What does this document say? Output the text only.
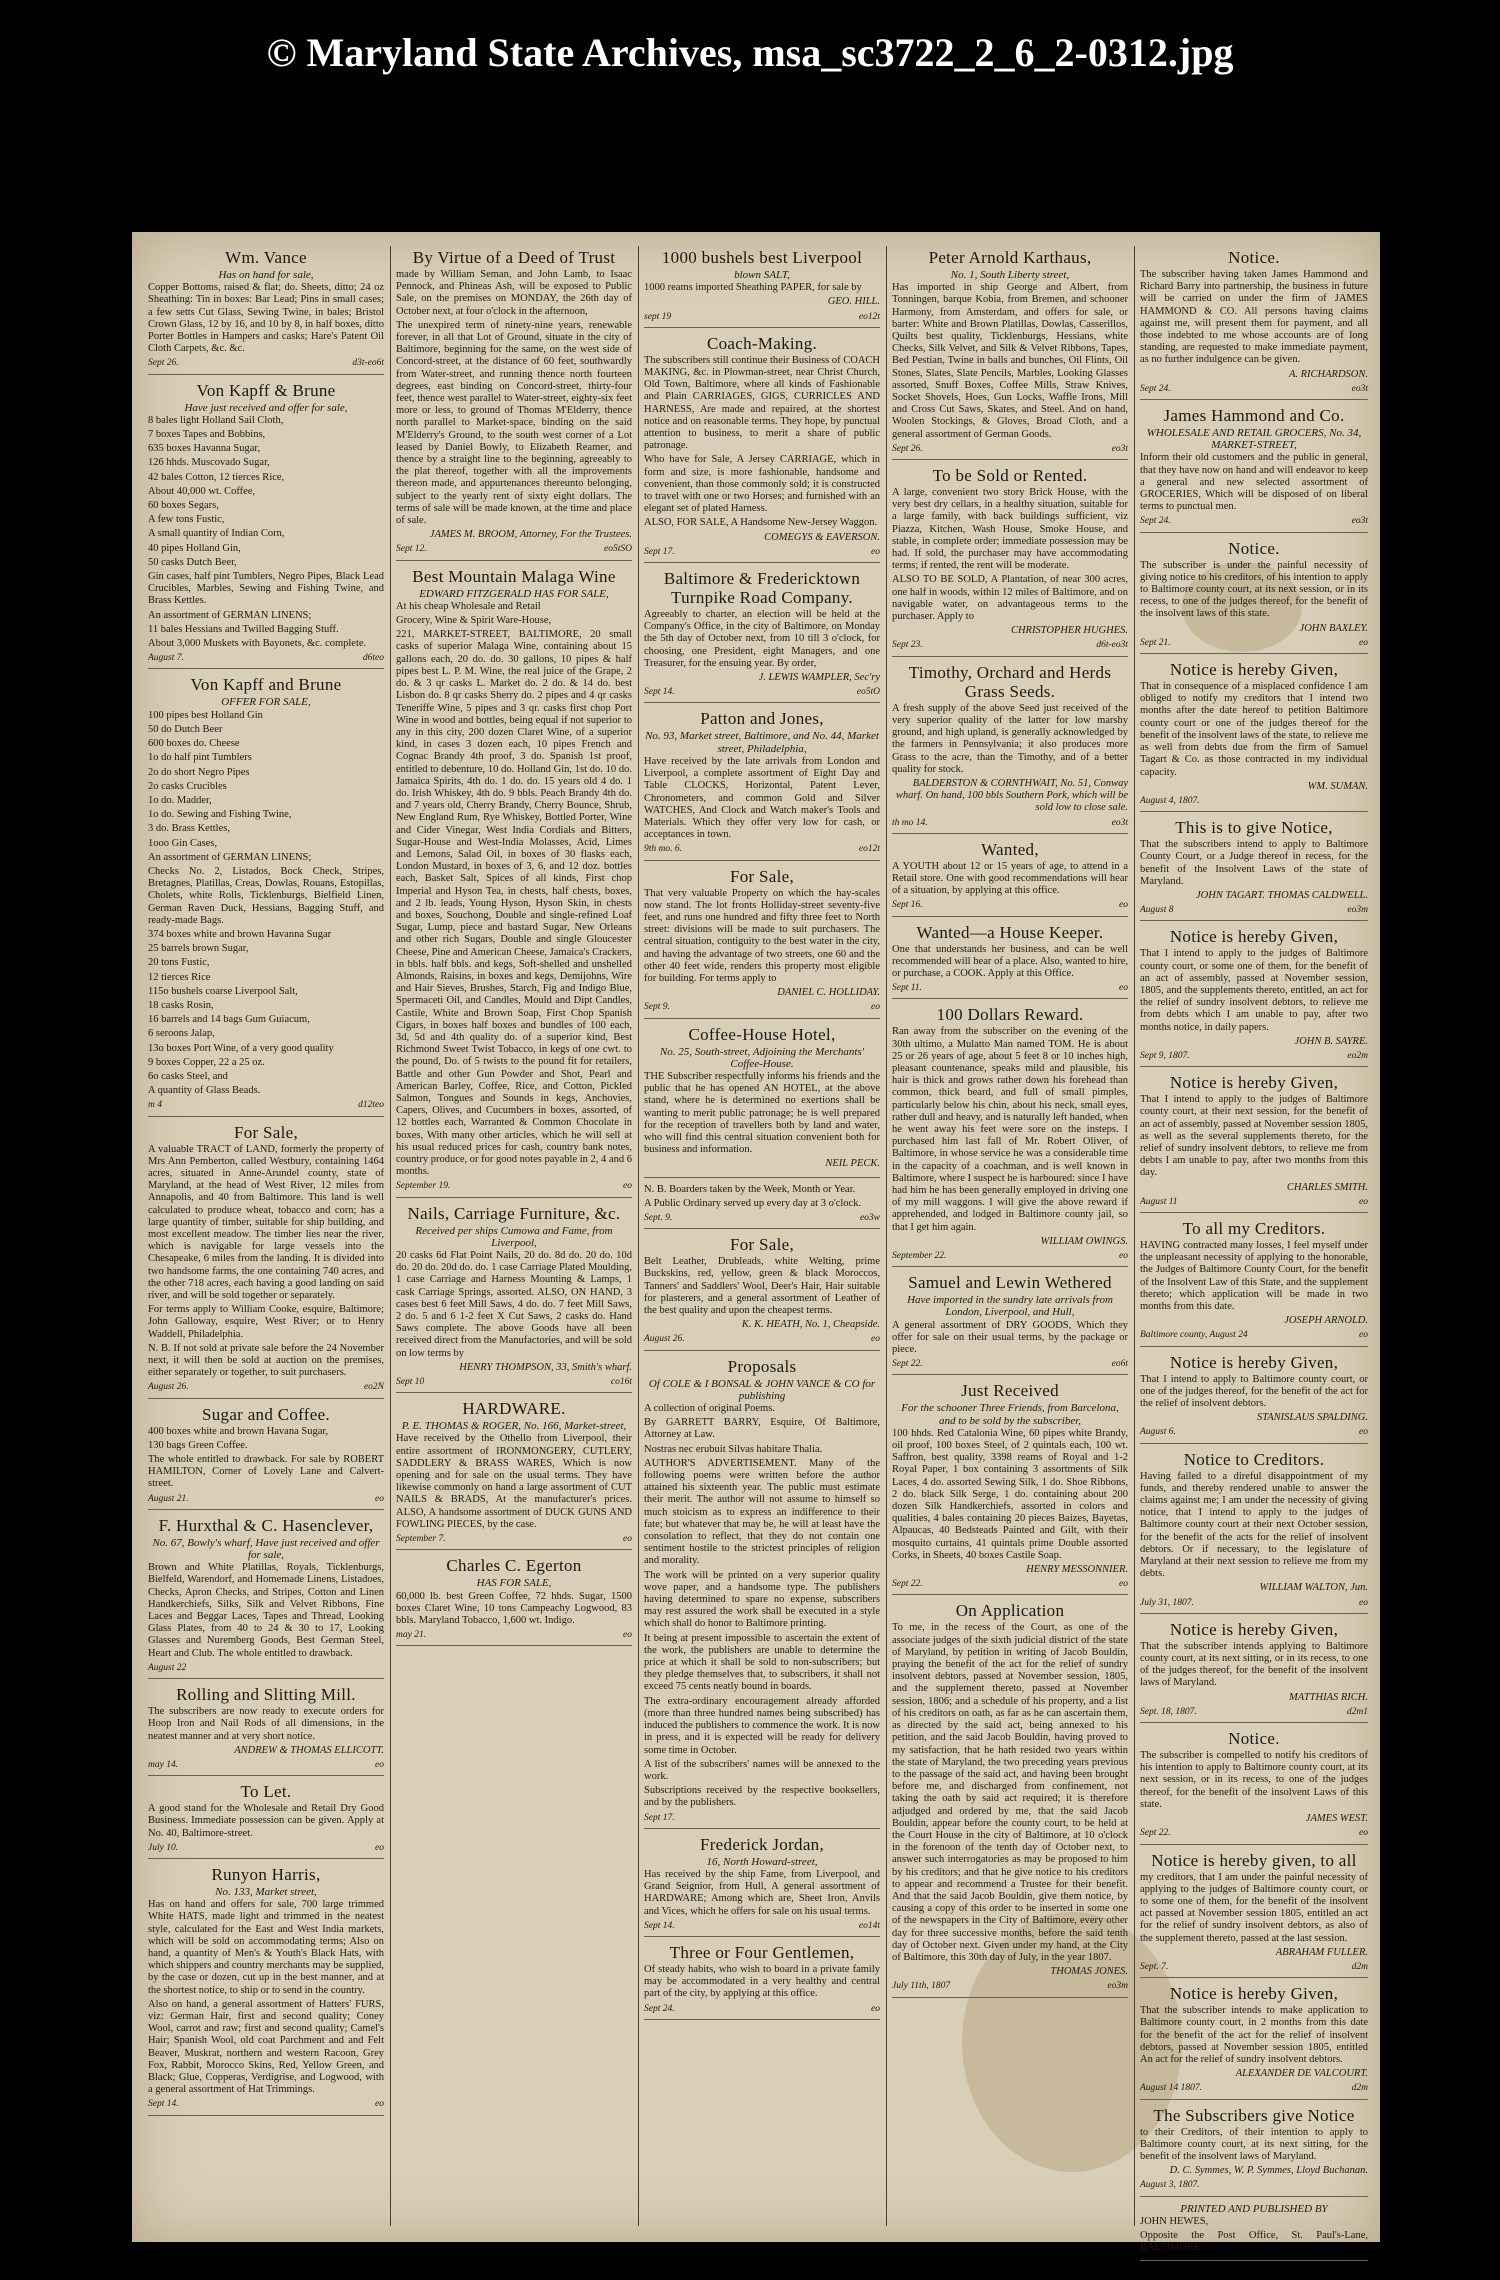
© Maryland State Archives, msa_sc3722_2_6_2-0312.jpg
Wm. Vance
Has on hand for sale,

Copper Bottoms, raised & flat; do. Sheets, ditto; 24 oz Sheathing: Tin in boxes: Bar Lead; Pins in small cases; a few setts Cut Glass, Sewing Twine, in bales; Bristol Crown Glass, 12 by 16, and 10 by 8, in half boxes, ditto Porter Bottles in Hampers and casks; Hare's Patent Oil Cloth Carpets, &c. &c.

Sept 26.	d3t-eo6t
Von Kapff & Brune
Have just received and offer for sale,

8 bales light Holland Sail Cloth,

7 boxes Tapes and Bobbins,

635 boxes Havanna Sugar,

126 hhds. Muscovado Sugar,

42 bales Cotton, 12 tierces Rice,

About 40,000 wt. Coffee,

60 boxes Segars,

A few tons Fustic,

A small quantity of Indian Corn,

40 pipes Holland Gin,

50 casks Dutch Beer,

Gin cases, half pint Tumblers, Negro Pipes, Black Lead Crucibles, Marbles, Sewing and Fishing Twine, and Brass Kettles.

An assortment of GERMAN LINENS;

11 bales Hessians and Twilled Bagging Stuff.

About 3,000 Muskets with Bayonets, &c. complete.

August 7.	d6teo
Von Kapff and Brune
OFFER FOR SALE,

100 pipes best Holland Gin

50 do Dutch Beer

600 boxes do. Cheese

1o do half pint Tumblers

2o do short Negro Pipes

2o casks Crucibles

1o do. Madder,

1o do. Sewing and Fishing Twine,

3 do. Brass Kettles,

1ooo Gin Cases,

An assortment of GERMAN LINENS;

Checks No. 2, Listados, Bock Check, Stripes, Bretagnes, Platillas, Creas, Dowlas, Rouans, Estopillas, Cholets, white Rolls, Ticklenburgs, Bielfield Linen, German Raven Duck, Hessians, Bagging Stuff, and ready-made Bags.

374 boxes white and brown Havanna Sugar

25 barrels brown Sugar,

20 tons Fustic,

12 tierces Rice

115o bushels coarse Liverpool Salt,

18 casks Rosin,

16 barrels and 14 bags Gum Guiacum,

6 seroons Jalap,

13o boxes Port Wine, of a very good quality

9 boxes Copper, 22 a 25 oz.

6o casks Steel, and

A quantity of Glass Beads.

m 4	d12teo
For Sale,

A valuable TRACT of LAND, formerly the property of Mrs Ann Pemberton, called Westbury, containing 1464 acres, situated in Anne-Arundel county, state of Maryland, at the head of West River, 12 miles from Annapolis, and 40 from Baltimore. This land is well calculated to produce wheat, tobacco and corn; has a large quantity of timber, suitable for ship building, and most excellent meadow. The timber lies near the river, which is navigable for large vessels into the Chesapeake, 6 miles from the landing. It is divided into two handsome farms, the one containing 740 acres, and the other 718 acres, each having a good landing on said river, and will be sold together or separately.

For terms apply to William Cooke, esquire, Baltimore; John Galloway, esquire, West River; or to Henry Waddell, Philadelphia.

N. B. If not sold at private sale before the 24 November next, it will then be sold at auction on the premises, either separately or together, to suit purchasers.

August 26.	eo2N
Sugar and Coffee.

400 boxes white and brown Havana Sugar,

130 bags Green Coffee.

The whole entitled to drawback. For sale by ROBERT HAMILTON, Corner of Lovely Lane and Calvert-street.

August 21.	eo
F. Hurxthal & C. Hasenclever,
No. 67, Bowly's wharf, Have just received and offer for sale,

Brown and White Platillas, Royals, Ticklenburgs, Bielfeld, Warendorf, and Homemade Linens, Listadoes, Checks, Apron Checks, and Stripes, Cotton and Linen Handkerchiefs, Silks, Silk and Velvet Ribbons, Fine Laces and Beggar Laces, Tapes and Thread, Looking Glass Plates, from 40 to 24 & 30 to 17, Looking Glasses and Nuremberg Goods, Best German Steel, Heart and Club. The whole entitled to drawback.

August 22
Rolling and Slitting Mill.

The subscribers are now ready to execute orders for Hoop Iron and Nail Rods of all dimensions, in the neatest manner and at very short notice.

ANDREW & THOMAS ELLICOTT.

may 14.	eo
To Let.

A good stand for the Wholesale and Retail Dry Good Business. Immediate possession can be given. Apply at No. 40, Baltimore-street.

July 10.	eo
Runyon Harris,
No. 133, Market street,

Has on hand and offers for sale, 700 large trimmed White HATS, made light and trimmed in the neatest style, calculated for the East and West India markets, which will be sold on accommodating terms; Also on hand, a quantity of Men's & Youth's Black Hats, with which shippers and country merchants may be supplied, by the case or dozen, cut up in the best manner, and at the shortest notice, to ship or to send in the country.

Also on hand, a general assortment of Hatters' FURS, viz: German Hair, first and second quality; Coney Wool, carrot and raw; first and second quality; Camel's Hair; Spanish Wool, old coat Parchment and and Felt Beaver, Muskrat, northern and western Racoon, Grey Fox, Rabbit, Morocco Skins, Red, Yellow Green, and Black; Glue, Copperas, Verdigrise, and Logwood, with a general assortment of Hat Trimmings.

Sept 14.	eo
By Virtue of a Deed of Trust

made by William Seman, and John Lamb, to Isaac Pennock, and Phineas Ash, will be exposed to Public Sale, on the premises on MONDAY, the 26th day of October next, at four o'clock in the afternoon,

The unexpired term of ninety-nine years, renewable forever, in all that Lot of Ground, situate in the city of Baltimore, beginning for the same, on the west side of Concord-street, at the distance of 60 feet, southwardly from Water-street, and running thence north fourteen degrees, east binding on Concord-street, thirty-four feet, thence west parallel to Water-street, eighty-six feet more or less, to ground of Thomas M'Elderry, thence north parallel to Market-space, binding on the said M'Elderry's Ground, to the south west corner of a Lot leased by Daniel Bowly, to Elizabeth Reamer, and thence by a straight line to the beginning, agreeably to the plat thereof, together with all the improvements thereon made, and appurtenances thereunto belonging, subject to the yearly rent of sixty eight dollars. The terms of sale will be made known, at the time and place of sale.

JAMES M. BROOM, Attorney, For the Trustees.

Sept 12.	eo5tSO
Best Mountain Malaga Wine
EDWARD FITZGERALD HAS FOR SALE,

At his cheap Wholesale and Retail

Grocery, Wine & Spirit Ware-House,

221, MARKET-STREET, BALTIMORE, 20 small casks of superior Malaga Wine, containing about 15 gallons each, 20 do. do. 30 gallons, 10 pipes & half pipes best L. P. M. Wine, the real juice of the Grape, 2 do. & 3 qr casks L. Market do. 2 do. & 14 do. best Lisbon do. 8 qr casks Sherry do. 2 pipes and 4 qr casks Teneriffe Wine, 5 pipes and 3 qr. casks first chop Port Wine in wood and bottles, being equal if not superior to any in this city, 200 dozen Claret Wine, of a superior kind, in cases 3 dozen each, 10 pipes French and Cognac Brandy 4th proof, 3 do. Spanish 1st proof, entitled to debenture, 10 do. Holland Gin, 1st do. 10 do. Jamaica Spirits, 4th do. 1 do. do. 15 years old 4 do. 1 do. Irish Whiskey, 4th do. 9 bbls. Peach Brandy 4th do. and 7 years old, Cherry Brandy, Cherry Bounce, Shrub, New England Rum, Rye Whiskey, Bottled Porter, Wine and Cider Vinegar, West India Cordials and Bitters, Sugar-House and West-India Molasses, Acid, Limes and Lemons, Salad Oil, in boxes of 30 flasks each, London Mustard, in boxes of 3, 6, and 12 doz. bottles each, Basket Salt, Spices of all kinds, First chop Imperial and Hyson Tea, in chests, half chests, boxes, and 2 lb. leads, Young Hyson, Hyson Skin, in chests and boxes, Souchong, Double and single-refined Loaf Sugar, Lump, piece and bastard Sugar, New Orleans and other rich Sugars, Double and single Gloucester Cheese, Pine and American Cheese, Jamaica's Crackers, in bbls. half bbls. and kegs, Soft-shelled and unshelled Almonds, Raisins, in boxes and kegs, Demijohns, Wire and Hair Sieves, Brushes, Starch, Fig and Indigo Blue, Spermaceti Oil, and Candles, Mould and Dipt Candles, Castile, White and Brown Soap, First Chop Spanish Cigars, in boxes half boxes and bundles of 100 each, 3d, 5d and 4th quality do. of a superior kind, Best Richmond Sweet Twist Tobacco, in kegs of one cwt. to the pound, Do. of 5 twists to the pound fit for retailers, Battle and other Gun Powder and Shot, Pearl and American Barley, Coffee, Rice, and Cotton, Pickled Salmon, Tongues and Sounds in kegs, Anchovies, Capers, Olives, and Cucumbers in boxes, assorted, of 12 bottles each, Warranted & Common Chocolate in boxes, With many other articles, which he will sell at his usual reduced prices for cash, country bank notes, country produce, or for good notes payable in 2, 4 and 6 months.

September 19.	eo
Nails, Carriage Furniture, &c.
Received per ships Cumowa and Fame, from Liverpool,

20 casks 6d Flat Point Nails, 20 do. 8d do. 20 do. 10d do. 20 do. 20d do. do. 1 case Carriage Plated Moulding, 1 case Carriage and Harness Mounting & Lamps, 1 cask Carriage Springs, assorted. ALSO, ON HAND, 3 cases best 6 feet Mill Saws, 4 do. do. 7 feet Mill Saws, 2 do. 5 and 6 1-2 feet X Cut Saws, 2 casks do. Hand Saws complete. The above Goods have all been received direct from the Manufactories, and will be sold on low terms by

HENRY THOMPSON, 33, Smith's wharf.

Sept 10	co16t
HARDWARE.
P. E. THOMAS & ROGER, No. 166, Market-street,

Have received by the Othello from Liverpool, their entire assortment of IRONMONGERY, CUTLERY, SADDLERY & BRASS WARES, Which is now opening and for sale on the usual terms. They have likewise commonly on hand a large assortment of CUT NAILS & BRADS, At the manufacturer's prices. ALSO, A handsome assortment of DUCK GUNS AND FOWLING PIECES, by the case.

September 7.	eo
Charles C. Egerton
HAS FOR SALE,

60,000 lb. best Green Coffee, 72 hhds. Sugar, 1500 boxes Claret Wine, 10 tons Campeachy Logwood, 83 bbls. Maryland Tobacco, 1,600 wt. Indigo.

may 21.	eo
1000 bushels best Liverpool
blown SALT,

1000 reams imported Sheathing PAPER, for sale by

GEO. HILL.

sept 19	eo12t
Coach-Making.

The subscribers still continue their Business of COACH MAKING, &c. in Plowman-street, near Christ Church, Old Town, Baltimore, where all kinds of Fashionable and Plain CARRIAGES, GIGS, CURRICLES AND HARNESS, Are made and repaired, at the shortest notice and on reasonable terms. They hope, by punctual attention to business, to merit a share of public patronage.

Who have for Sale, A Jersey CARRIAGE, which in form and size, is more fashionable, handsome and convenient, than those commonly sold; it is constructed to travel with one or two Horses; and furnished with an elegant set of plated Harness.

ALSO, FOR SALE, A Handsome New-Jersey Waggon.

COMEGYS & EAVERSON.

Sept 17.	eo
Baltimore & Fredericktown Turnpike Road Company.

Agreeably to charter, an election will be held at the Company's Office, in the city of Baltimore, on Monday the 5th day of October next, from 10 till 3 o'clock, for choosing, one President, eight Managers, and one Treasurer, for the ensuing year. By order,

J. LEWIS WAMPLER, Sec'ry

Sept 14.	eo5tO
Patton and Jones,
No. 93, Market street, Baltimore, and No. 44, Market street, Philadelphia,

Have received by the late arrivals from London and Liverpool, a complete assortment of Eight Day and Table CLOCKS, Horizontal, Patent Lever, Chronometers, and common Gold and Silver WATCHES, And Clock and Watch maker's Tools and Materials. Which they offer very low for cash, or acceptances in town.

9th mo. 6.	eo12t
For Sale,

That very valuable Property on which the hay-scales now stand. The lot fronts Holliday-street seventy-five feet, and runs one hundred and fifty three feet to North street: divisions will be made to suit purchasers. The central situation, contiguity to the best water in the city, and having the advantage of two streets, one 60 and the other 40 feet wide, renders this property most eligible for building. For terms apply to

DANIEL C. HOLLIDAY.

Sept 9.	eo
Coffee-House Hotel,
No. 25, South-street, Adjoining the Merchants' Coffee-House.

THE Subscriber respectfully informs his friends and the public that he has opened AN HOTEL, at the above stand, where he is determined no exertions shall be wanting to merit public patronage; he is well prepared for the reception of travellers both by land and water, who will find this central situation convenient both for business and information.

NEIL PECK.

N. B. Boarders taken by the Week, Month or Year.

A Public Ordinary served up every day at 3 o'clock.

Sept. 9.	eo3w
For Sale,

Belt Leather, Drubleads, white Welting, prime Buckskins, red, yellow, green & black Moroccos, Tanners' and Saddlers' Wool, Deer's Hair, Hair suitable for plasterers, and a general assortment of Leather of the best quality and upon the cheapest terms.

K. K. HEATH, No. 1, Cheapside.

August 26.	eo
Proposals
Of COLE & I BONSAL & JOHN VANCE & CO for publishing

A collection of original Poems.

By GARRETT BARRY, Esquire, Of Baltimore, Attorney at Law.

Nostras nec erubuit Silvas habitare Thalia.

AUTHOR'S ADVERTISEMENT. Many of the following poems were written before the author attained his sixteenth year. The public must estimate their merit. The author will not assume to himself so much stoicism as to express an indifference to their fate; but whatever that may be, he will at least have the consolation to reflect, that they do not contain one sentiment hostile to the strictest principles of religion and morality.

The work will be printed on a very superior quality wove paper, and a handsome type. The publishers having determined to spare no expense, subscribers may rest assured the work shall be executed in a style which shall do honor to Baltimore printing.

It being at present impossible to ascertain the extent of the work, the publishers are unable to determine the price at which it shall be sold to non-subscribers; but they pledge themselves that, to subscribers, it shall not exceed 75 cents neatly bound in boards.

The extra-ordinary encouragement already afforded (more than three hundred names being subscribed) has induced the publishers to commence the work. It is now in press, and it is expected will be ready for delivery some time in October.

A list of the subscribers' names will be annexed to the work.

Subscriptions received by the respective booksellers, and by the publishers.

Sept 17.
Frederick Jordan,
16, North Howard-street,

Has received by the ship Fame, from Liverpool, and Grand Seignior, from Hull, A general assortment of HARDWARE; Among which are, Sheet Iron, Anvils and Vices, which he offers for sale on his usual terms.

Sept 14.	eo14t
Three or Four Gentlemen,

Of steady habits, who wish to board in a private family may be accommodated in a very healthy and central part of the city, by applying at this office.

Sept 24.	eo
Peter Arnold Karthaus,
No. 1, South Liberty street,

Has imported in ship George and Albert, from Tonningen, barque Kobia, from Bremen, and schooner Harmony, from Amsterdam, and offers for sale, or barter: White and Brown Platillas, Dowlas, Casserillos, Quilts best quality, Ticklenburgs, Hessians, white Checks, Silk Velvet, and Silk & Velvet Ribbons, Tapes, Bed Pestian, Twine in balls and bunches, Oil Flints, Oil Stones, Slates, Slate Pencils, Marbles, Looking Glasses assorted, Snuff Boxes, Coffee Mills, Straw Knives, Socket Shovels, Hoes, Gun Locks, Waffle Irons, Mill and Cross Cut Saws, Skates, and Steel. And on hand, Woolen Stockings, & Gloves, Broad Cloth, and a general assortment of German Goods.

Sept 26.	eo3t
To be Sold or Rented.

A large, convenient two story Brick House, with the very best dry cellars, in a healthy situation, suitable for a large family, with back buildings sufficient, viz Piazza, Kitchen, Wash House, Smoke House, and stable, in complete order; immediate possession may be had. If sold, the purchaser may have accommodating terms; if rented, the rent will be moderate.

ALSO TO BE SOLD, A Plantation, of near 300 acres, one half in woods, within 12 miles of Baltimore, and on navigable water, on advantageous terms to the purchaser. Apply to

CHRISTOPHER HUGHES.

Sept 23.	d6t-eo3t
Timothy, Orchard and Herds Grass Seeds.

A fresh supply of the above Seed just received of the very superior quality of the latter for low marshy ground, and high upland, is generally acknowledged by the farmers in Pennsylvania; it also produces more Grass to the acre, than the Timothy, and of a better quality for stock.

BALDERSTON & CORNTHWAIT, No. 51, Conway wharf. On hand, 100 bbls Southern Pork, which will be sold low to close sale.

th mo 14.	eo3t
Wanted,

A YOUTH about 12 or 15 years of age, to attend in a Retail store. One with good recommendations will hear of a situation, by applying at this office.

Sept 16.	eo
Wanted—a House Keeper.

One that understands her business, and can be well recommended will hear of a place. Also, wanted to hire, or purchase, a COOK. Apply at this Office.

Sept 11.	eo
100 Dollars Reward.

Ran away from the subscriber on the evening of the 30th ultimo, a Mulatto Man named TOM. He is about 25 or 26 years of age, about 5 feet 8 or 10 inches high, pleasant countenance, speaks mild and plausible, his hair is thick and grows rather down his forehead than common, thick beard, and full of small pimples, particularly below his chin, about his neck, small eyes, rather dull and heavy, and is naturally left handed, when he went away his feet were sore on the insteps. I purchased him last fall of Mr. Robert Oliver, of Baltimore, in whose service he was a considerable time in the capacity of a coachman, and is well known in Baltimore, where I suspect he is harboured: since I have had him he has been generally employed in driving one of my mill waggons. I will give the above reward if apprehended, and lodged in Baltimore county jail, so that I get him again.

WILLIAM OWINGS.

September 22.	eo
Samuel and Lewin Wethered
Have imported in the sundry late arrivals from London, Liverpool, and Hull,

A general assortment of DRY GOODS, Which they offer for sale on their usual terms, by the package or piece.

Sept 22.	eo6t
Just Received
For the schooner Three Friends, from Barcelona, and to be sold by the subscriber,

100 hhds. Red Catalonia Wine, 60 pipes white Brandy, oil proof, 100 boxes Steel, of 2 quintals each, 100 wt. Saffron, best quality, 3398 reams of Royal and 1-2 Royal Paper, 1 box containing 3 assortments of Silk Laces, 4 do. assorted Sewing Silk, 1 do. Shoe Ribbons, 2 do. black Silk Serge, 1 do. containing about 200 dozen Silk Handkerchiefs, assorted in colors and qualities, 4 bales containing 20 pieces Baizes, Bayetas, Alpaucas, 40 Bedsteads Painted and Gilt, with their mosquito curtains, 41 quintals prime Double assorted Corks, in Sheets, 40 boxes Castile Soap.

HENRY MESSONNIER.

Sept 22.	eo
On Application

To me, in the recess of the Court, as one of the associate judges of the sixth judicial district of the state of Maryland, by petition in writing of Jacob Bouldin, praying the benefit of the act for the relief of sundry insolvent debtors, passed at November session, 1805, and the supplement thereto, passed at November session, 1806; and a schedule of his property, and a list of his creditors on oath, as far as he can ascertain them, as directed by the said act, being annexed to his petition, and the said Jacob Bouldin, having proved to my satisfaction, that he hath resided two years within the state of Maryland, the two preceding years previous to the passage of the said act, and having been brought before me, and discharged from confinement, not taking the oath by said act required; it is therefore adjudged and ordered by me, that the said Jacob Bouldin, appear before the county court, to be held at the Court House in the city of Baltimore, at 10 o'clock in the forenoon of the tenth day of October next, to answer such interrogatories as may be proposed to him by his creditors; and that he give notice to his creditors to appear and recommend a Trustee for their benefit. And that the said Jacob Bouldin, give them notice, by causing a copy of this order to be inserted in some one of the newspapers in the City of Baltimore, every other day for three successive months, before the said tenth day of October next. Given under my hand, at the City of Baltimore, this 30th day of July, in the year 1807.

THOMAS JONES.

July 11th, 1807	eo3m
Notice.

The subscriber having taken James Hammond and Richard Barry into partnership, the business in future will be carried on under the firm of JAMES HAMMOND & CO. All persons having claims against me, will present them for payment, and all those indebted to me whose accounts are of long standing, are requested to make immediate payment, as no further indulgence can be given.

A. RICHARDSON.

Sept 24.	eo3t
James Hammond and Co.
WHOLESALE AND RETAIL GROCERS, No. 34, MARKET-STREET,

Inform their old customers and the public in general, that they have now on hand and will endeavor to keep a general and new selected assortment of GROCERIES, Which will be disposed of on liberal terms to punctual men.

Sept 24.	eo3t
Notice.

The subscriber is under the painful necessity of giving notice to his creditors, of his intention to apply to Baltimore county court, at its next session, or in its recess, to one of the judges thereof, for the benefit of the insolvent laws of this state.

JOHN BAXLEY.

Sept 21.	eo
Notice is hereby Given,

That in consequence of a misplaced confidence I am obliged to notify my creditors that I intend two months after the date hereof to petition Baltimore county court or one of the judges thereof for the benefit of the insolvent laws of the state, to relieve me as well from debts due from the firm of Samuel Tagart & Co. as those contracted in my individual capacity.

WM. SUMAN.

August 4, 1807.
This is to give Notice,

That the subscribers intend to apply to Baltimore County Court, or a Judge thereof in recess, for the benefit of the Insolvent Laws of the state of Maryland.

JOHN TAGART. THOMAS CALDWELL.

August 8	eo3m
Notice is hereby Given,

That I intend to apply to the judges of Baltimore county court, or some one of them, for the benefit of an act of assembly, passed at November session, 1805, and the supplements thereto, entitled, an act for the relief of sundry insolvent debtors, to relieve me from debts which I am unable to pay, after two months notice, in daily papers.

JOHN B. SAYRE.

Sept 9, 1807.	eo2m
Notice is hereby Given,

That I intend to apply to the judges of Baltimore county court, at their next session, for the benefit of an act of assembly, passed at November session 1805, as well as the several supplements thereto, for the relief of sundry insolvent debtors, to relieve me from debts I am unable to pay, after two months from this day.

CHARLES SMITH.

August 11	eo
To all my Creditors.

HAVING contracted many losses, I feel myself under the unpleasant necessity of applying to the honorable, the Judges of Baltimore County Court, for the benefit of the Insolvent Law of this State, and the supplement thereto; which application will be made in two months from this date.

JOSEPH ARNOLD.

Baltimore county, August 24	eo
Notice is hereby Given,

That I intend to apply to Baltimore county court, or one of the judges thereof, for the benefit of the act for the relief of insolvent debtors.

STANISLAUS SPALDING.

August 6.	eo
Notice to Creditors.

Having failed to a direful disappointment of my funds, and thereby rendered unable to answer the claims against me; I am under the necessity of giving notice, that I intend to apply to the judges of Baltimore county court at their next October session, for the benefit of the acts for the relief of insolvent debtors. Or if necessary, to the legislature of Maryland at their next session to relieve me from my debts.

WILLIAM WALTON, Jun.

July 31, 1807.	eo
Notice is hereby Given,

That the subscriber intends applying to Baltimore county court, at its next sitting, or in its recess, to one of the judges thereof, for the benefit of the insolvent laws of Maryland.

MATTHIAS RICH.

Sept. 18, 1807.	d2m1
Notice.

The subscriber is compelled to notify his creditors of his intention to apply to Baltimore county court, at its next session, or in its recess, to one of the judges thereof, for the benefit of the insolvent Laws of this state.

JAMES WEST.

Sept 22.	eo
Notice is hereby given, to all

my creditors, that I am under the painful necessity of applying to the judges of Baltimore county court, or to some one of them, for the benefit of the insolvent act passed at November session 1805, entitled an act for the relief of sundry insolvent debtors, as also of the supplement thereto, passed at the last session.

ABRAHAM FULLER.

Sept. 7.	d2m
Notice is hereby Given,

That the subscriber intends to make application to Baltimore county court, in 2 months from this date for the benefit of the act for the relief of insolvent debtors, passed at November session 1805, entitled An act for the relief of sundry insolvent debtors.

ALEXANDER DE VALCOURT.

August 14 1807.	d2m
The Subscribers give Notice

to their Creditors, of their intention to apply to Baltimore county court, at its next sitting, for the benefit of the insolvent laws of Maryland.

D. C. Symmes, W. P. Symmes, Lloyd Buchanan.

August 3, 1807.
PRINTED AND PUBLISHED BY

JOHN HEWES,

Opposite the Post Office, St. Paul's-Lane, BALTIMORE.
